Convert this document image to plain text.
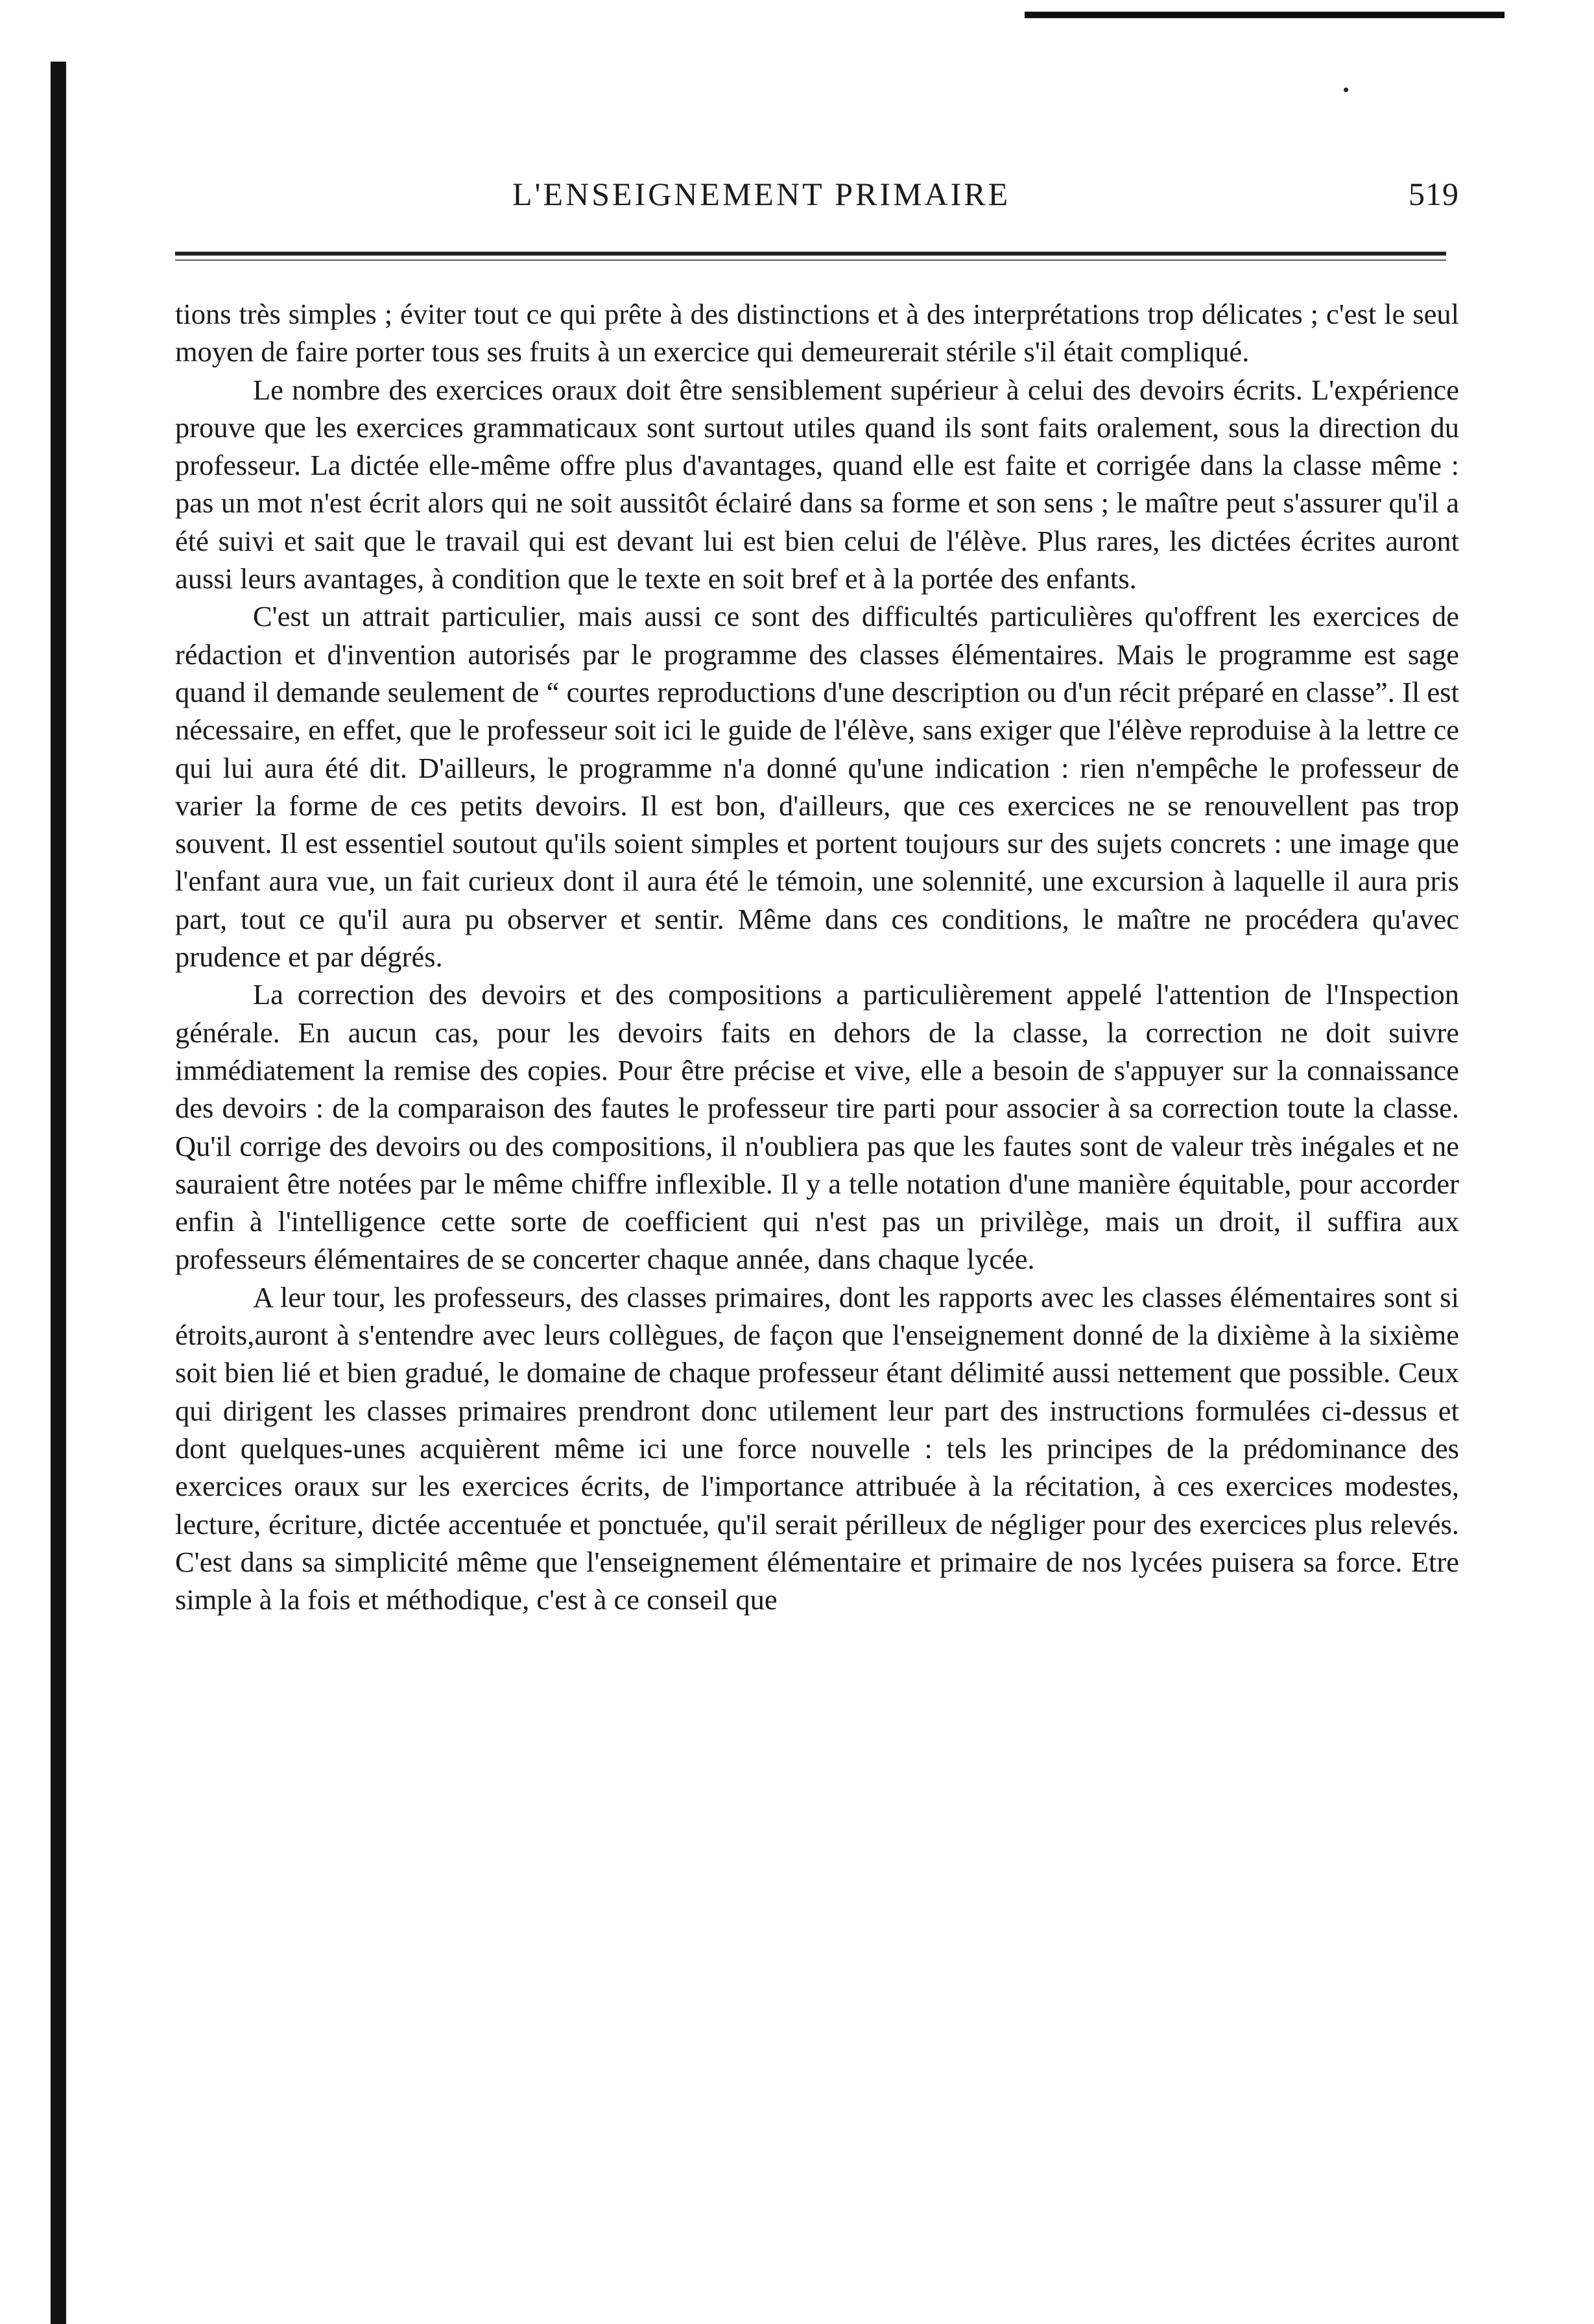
L'ENSEIGNEMENT PRIMAIRE	519

tions très simples ; éviter tout ce qui prête à des distinctions et à des interprétations trop délicates ; c'est le seul moyen de faire porter tous ses fruits à un exercice qui demeurerait stérile s'il était compliqué.

Le nombre des exercices oraux doit être sensiblement supérieur à celui des devoirs écrits. L'expérience prouve que les exercices grammaticaux sont surtout utiles quand ils sont faits oralement, sous la direction du professeur. La dictée elle-même offre plus d'avantages, quand elle est faite et corrigée dans la classe même : pas un mot n'est écrit alors qui ne soit aussitôt éclairé dans sa forme et son sens ; le maître peut s'assurer qu'il a été suivi et sait que le travail qui est devant lui est bien celui de l'élève. Plus rares, les dictées écrites auront aussi leurs avantages, à condition que le texte en soit bref et à la portée des enfants.

C'est un attrait particulier, mais aussi ce sont des difficultés particulières qu'offrent les exercices de rédaction et d'invention autorisés par le programme des classes élémentaires. Mais le programme est sage quand il demande seulement de “ courtes reproductions d'une description ou d'un récit préparé en classe”. Il est nécessaire, en effet, que le professeur soit ici le guide de l'élève, sans exiger que l'élève reproduise à la lettre ce qui lui aura été dit. D'ailleurs, le programme n'a donné qu'une indication : rien n'empêche le professeur de varier la forme de ces petits devoirs. Il est bon, d'ailleurs, que ces exercices ne se renouvellent pas trop souvent. Il est essentiel soutout qu'ils soient simples et portent toujours sur des sujets concrets : une image que l'enfant aura vue, un fait curieux dont il aura été le témoin, une solennité, une excursion à laquelle il aura pris part, tout ce qu'il aura pu observer et sentir. Même dans ces conditions, le maître ne procédera qu'avec prudence et par dégrés.

La correction des devoirs et des compositions a particulièrement appelé l'attention de l'Inspection générale. En aucun cas, pour les devoirs faits en dehors de la classe, la correction ne doit suivre immédiatement la remise des copies. Pour être précise et vive, elle a besoin de s'appuyer sur la connaissance des devoirs : de la comparaison des fautes le professeur tire parti pour associer à sa correction toute la classe. Qu'il corrige des devoirs ou des compositions, il n'oubliera pas que les fautes sont de valeur très inégales et ne sauraient être notées par le même chiffre inflexible. Il y a telle notation d'une manière équitable, pour accorder enfin à l'intelligence cette sorte de coefficient qui n'est pas un privilège, mais un droit, il suffira aux professeurs élémentaires de se concerter chaque année, dans chaque lycée.

A leur tour, les professeurs, des classes primaires, dont les rapports avec les classes élémentaires sont si étroits,auront à s'entendre avec leurs collègues, de façon que l'enseignement donné de la dixième à la sixième soit bien lié et bien gradué, le domaine de chaque professeur étant délimité aussi nettement que possible. Ceux qui dirigent les classes primaires prendront donc utilement leur part des instructions formulées ci-dessus et dont quelques-unes acquièrent même ici une force nouvelle : tels les principes de la prédominance des exercices oraux sur les exercices écrits, de l'importance attribuée à la récitation, à ces exercices modestes, lecture, écriture, dictée accentuée et ponctuée, qu'il serait périlleux de négliger pour des exercices plus relevés. C'est dans sa simplicité même que l'enseignement élémentaire et primaire de nos lycées puisera sa force. Etre simple à la fois et méthodique, c'est à ce conseil que
